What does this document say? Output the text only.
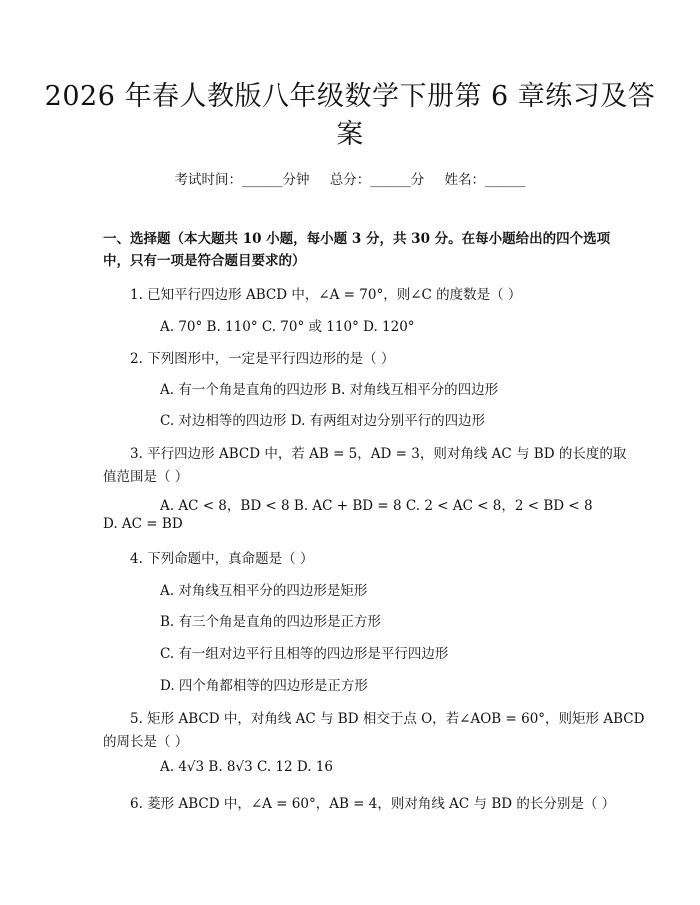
2026 年春人教版八年级数学下册第 6 章练习及答案
考试时间：______分钟 总分：______分 姓名：______
一、选择题（本大题共 10 小题，每小题 3 分，共 30 分。在每小题给出的四个选项中，只有一项是符合题目要求的）
1. 已知平行四边形 ABCD 中，∠A = 70°，则∠C 的度数是（ ）
A. 70° B. 110° C. 70° 或 110° D. 120°
2. 下列图形中，一定是平行四边形的是（ ）
A. 有一个角是直角的四边形 B. 对角线互相平分的四边形
C. 对边相等的四边形 D. 有两组对边分别平行的四边形
3. 平行四边形 ABCD 中，若 AB = 5，AD = 3，则对角线 AC 与 BD 的长度的取
值范围是（ ）
A. AC < 8，BD < 8 B. AC + BD = 8 C. 2 < AC < 8，2 < BD < 8
D. AC = BD
4. 下列命题中，真命题是（ ）
A. 对角线互相平分的四边形是矩形
B. 有三个角是直角的四边形是正方形
C. 有一组对边平行且相等的四边形是平行四边形
D. 四个角都相等的四边形是正方形
5. 矩形 ABCD 中，对角线 AC 与 BD 相交于点 O，若∠AOB = 60°，则矩形 ABCD
的周长是（ ）
A. 4√3 B. 8√3 C. 12 D. 16
6. 菱形 ABCD 中，∠A = 60°，AB = 4，则对角线 AC 与 BD 的长分别是（ ）
